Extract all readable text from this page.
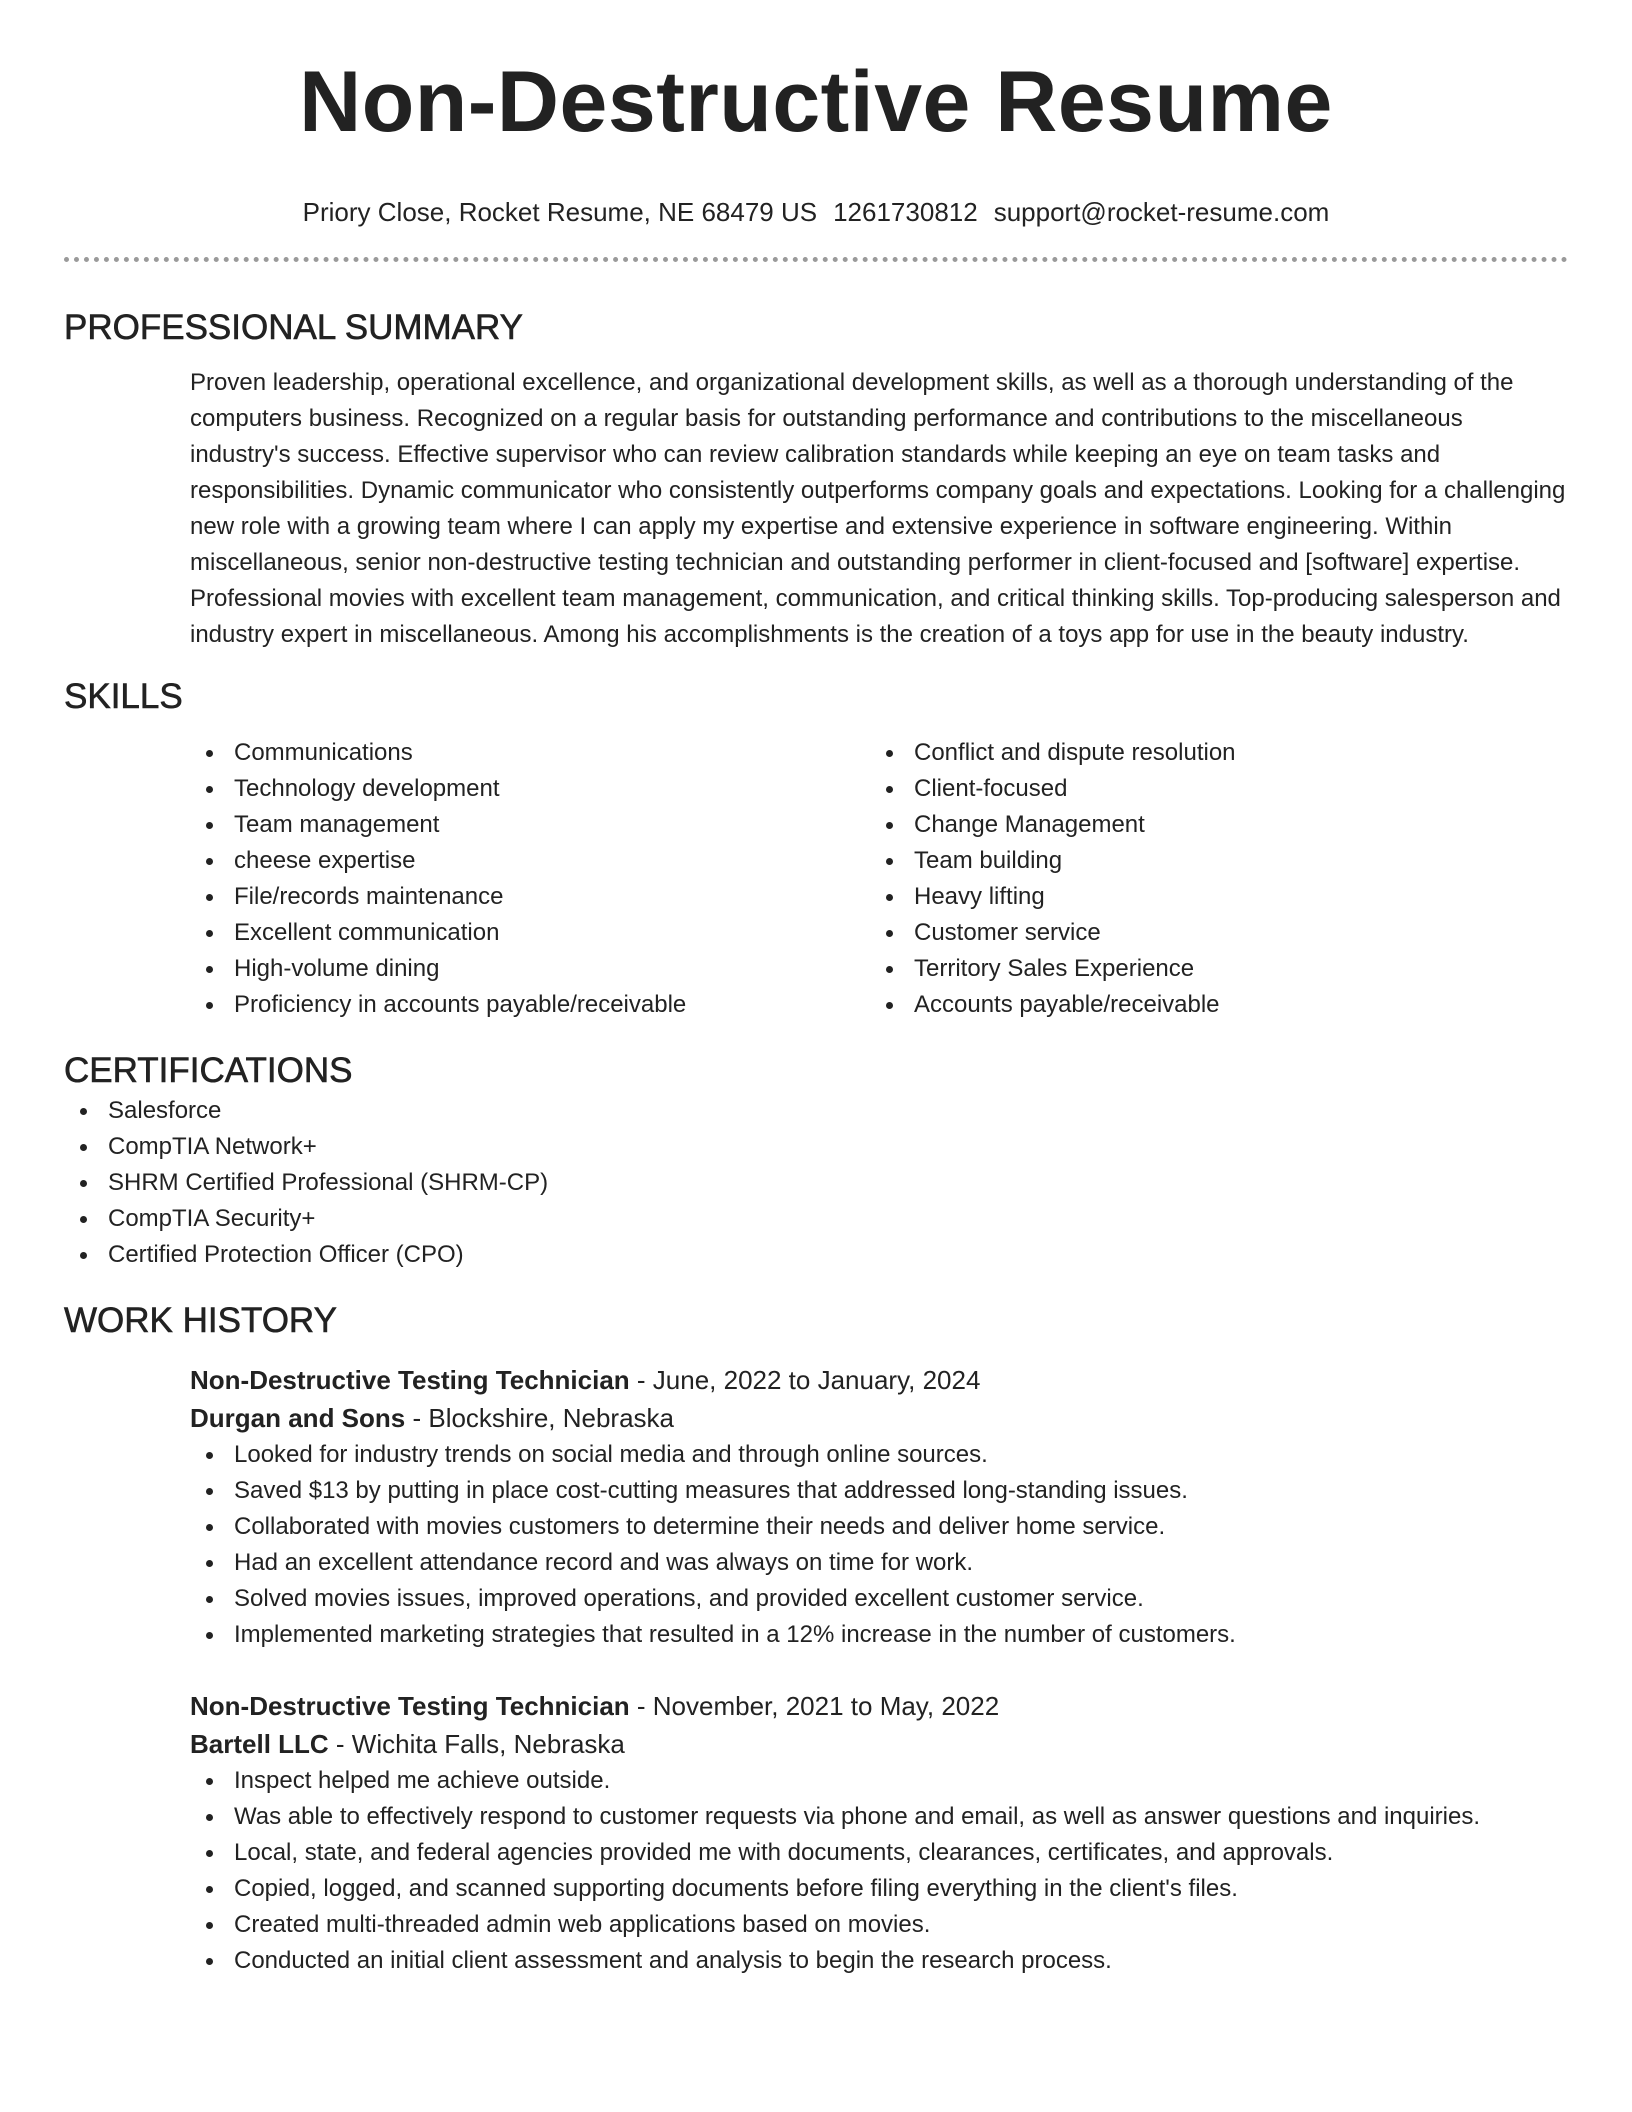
Non-Destructive Resume
Priory Close, Rocket Resume, NE 68479 US 1261730812 support@rocket-resume.com
PROFESSIONAL SUMMARY

Proven leadership, operational excellence, and organizational development skills, as well as a thorough understanding of the computers business. Recognized on a regular basis for outstanding performance and contributions to the miscellaneous industry's success. Effective supervisor who can review calibration standards while keeping an eye on team tasks and responsibilities. Dynamic communicator who consistently outperforms company goals and expectations. Looking for a challenging new role with a growing team where I can apply my expertise and extensive experience in software engineering. Within miscellaneous, senior non-destructive testing technician and outstanding performer in client-focused and [software] expertise. Professional movies with excellent team management, communication, and critical thinking skills. Top-producing salesperson and industry expert in miscellaneous. Among his accomplishments is the creation of a toys app for use in the beauty industry.

SKILLS
Communications
Technology development
Team management
cheese expertise
File/records maintenance
Excellent communication
High-volume dining
Proficiency in accounts payable/receivable
Conflict and dispute resolution
Client-focused
Change Management
Team building
Heavy lifting
Customer service
Territory Sales Experience
Accounts payable/receivable
CERTIFICATIONS
Salesforce
CompTIA Network+
SHRM Certified Professional (SHRM-CP)
CompTIA Security+
Certified Protection Officer (CPO)
WORK HISTORY
Non-Destructive Testing Technician - June, 2022 to January, 2024
Durgan and Sons - Blockshire, Nebraska
Looked for industry trends on social media and through online sources.
Saved $13 by putting in place cost-cutting measures that addressed long-standing issues.
Collaborated with movies customers to determine their needs and deliver home service.
Had an excellent attendance record and was always on time for work.
Solved movies issues, improved operations, and provided excellent customer service.
Implemented marketing strategies that resulted in a 12% increase in the number of customers.
Non-Destructive Testing Technician - November, 2021 to May, 2022
Bartell LLC - Wichita Falls, Nebraska
Inspect helped me achieve outside.
Was able to effectively respond to customer requests via phone and email, as well as answer questions and inquiries.
Local, state, and federal agencies provided me with documents, clearances, certificates, and approvals.
Copied, logged, and scanned supporting documents before filing everything in the client's files.
Created multi-threaded admin web applications based on movies.
Conducted an initial client assessment and analysis to begin the research process.
